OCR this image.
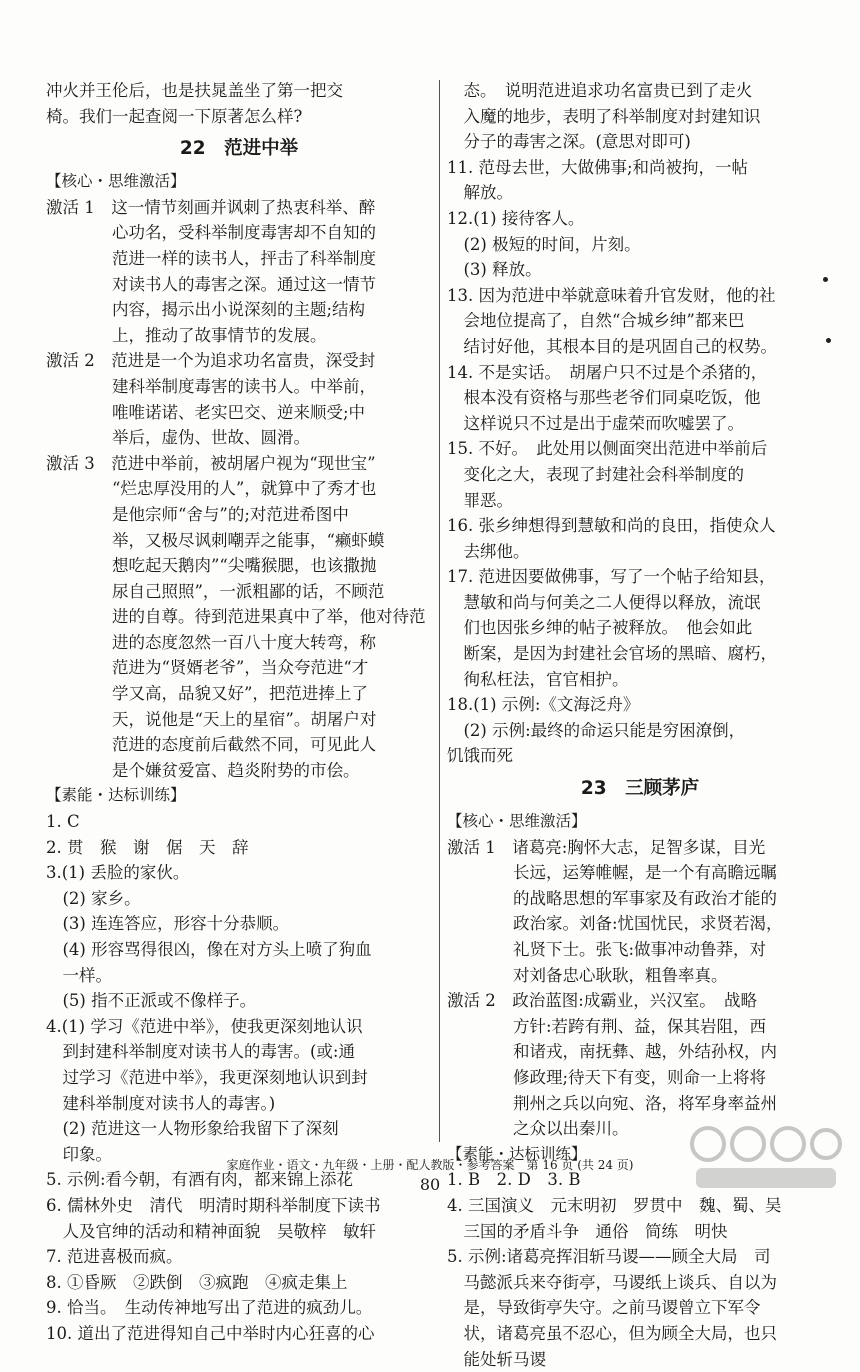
冲火并王伦后，也是扶晁盖坐了第一把交
椅。我们一起查阅一下原著怎么样?
22　范进中举
【核心・思维激活】
激活 1　这一情节刻画并讽刺了热衷科举、醉
　　　　心功名，受科举制度毒害却不自知的
　　　　范进一样的读书人，抨击了科举制度
　　　　对读书人的毒害之深。通过这一情节
　　　　内容，揭示出小说深刻的主题;结构
　　　　上，推动了故事情节的发展。
激活 2　范进是一个为追求功名富贵，深受封
　　　　建科举制度毒害的读书人。中举前，
　　　　唯唯诺诺、老实巴交、逆来顺受;中
　　　　举后，虚伪、世故、圆滑。
激活 3　范进中举前，被胡屠户视为“现世宝”
　　　　“烂忠厚没用的人”，就算中了秀才也
　　　　是他宗师“舍与”的;对范进希图中
　　　　举，又极尽讽刺嘲弄之能事，“癞虾蟆
　　　　想吃起天鹅肉”“尖嘴猴腮，也该撒抛
　　　　尿自己照照”，一派粗鄙的话，不顾范
　　　　进的自尊。待到范进果真中了举，他对待范
　　　　进的态度忽然一百八十度大转弯，称
　　　　范进为“贤婿老爷”，当众夸范进“才
　　　　学又高，品貌又好”，把范进捧上了
　　　　天，说他是“天上的星宿”。胡屠户对
　　　　范进的态度前后截然不同，可见此人
　　　　是个嫌贫爱富、趋炎附势的市侩。
【素能・达标训练】
1. C
2. 贯　猴　谢　倨　天　辞
3.(1) 丢脸的家伙。
　(2) 家乡。
　(3) 连连答应，形容十分恭顺。
　(4) 形容骂得很凶，像在对方头上喷了狗血
　一样。
　(5) 指不正派或不像样子。
4.(1) 学习《范进中举》，使我更深刻地认识
　到封建科举制度对读书人的毒害。(或:通
　过学习《范进中举》，我更深刻地认识到封
　建科举制度对读书人的毒害。)
　(2) 范进这一人物形象给我留下了深刻
　印象。
5. 示例:看今朝，有酒有肉，都来锦上添花
6. 儒林外史　清代　明清时期科举制度下读书
　人及官绅的活动和精神面貌　吴敬梓　敏轩
7. 范进喜极而疯。
8. ①昏厥　②跌倒　③疯跑　④疯走集上
9. 恰当。　生动传神地写出了范进的疯劲儿。
10. 道出了范进得知自己中举时内心狂喜的心
　态。　说明范进追求功名富贵已到了走火
　入魔的地步，表明了科举制度对封建知识
　分子的毒害之深。(意思对即可)
11. 范母去世，大做佛事;和尚被拘，一帖
　解放。
12.(1) 接待客人。
　(2) 极短的时间，片刻。
　(3) 释放。
13. 因为范进中举就意味着升官发财，他的社
　会地位提高了，自然“合城乡绅”都来巴
　结讨好他，其根本目的是巩固自己的权势。
14. 不是实话。　胡屠户只不过是个杀猪的，
　根本没有资格与那些老爷们同桌吃饭，他
　这样说只不过是出于虚荣而吹嘘罢了。
15. 不好。　此处用以侧面突出范进中举前后
　变化之大，表现了封建社会科举制度的
　罪恶。
16. 张乡绅想得到慧敏和尚的良田，指使众人
　去绑他。
17. 范进因要做佛事，写了一个帖子给知县，
　慧敏和尚与何美之二人便得以释放，流氓
　们也因张乡绅的帖子被释放。　他会如此
　断案，是因为封建社会官场的黑暗、腐朽，
　徇私枉法，官官相护。
18.(1) 示例:《文海泛舟》
　(2) 示例:最终的命运只能是穷困潦倒，
饥饿而死
23　三顾茅庐
【核心・思维激活】
激活 1　诸葛亮:胸怀大志，足智多谋，目光
　　　　长远，运筹帷幄，是一个有高瞻远瞩
　　　　的战略思想的军事家及有政治才能的
　　　　政治家。刘备:忧国忧民，求贤若渴，
　　　　礼贤下士。张飞:做事冲动鲁莽，对
　　　　对刘备忠心耿耿，粗鲁率真。
激活 2　政治蓝图:成霸业，兴汉室。　战略
　　　　方针:若跨有荆、益，保其岩阻，西
　　　　和诸戎，南抚彝、越，外结孙权，内
　　　　修政理;待天下有变，则命一上将将
　　　　荆州之兵以向宛、洛，将军身率益州
　　　　之众以出秦川。
【素能・达标训练】
1. B　2. D　3. B
4. 三国演义　元末明初　罗贯中　魏、蜀、吴
　三国的矛盾斗争　通俗　简练　明快
5. 示例:诸葛亮挥泪斩马谡——顾全大局　司
　马懿派兵来夺街亭，马谡纸上谈兵、自以为
　是，导致街亭失守。之前马谡曾立下军令
　状，诸葛亮虽不忍心，但为顾全大局，也只
　能处斩马谡
家庭作业・语文・九年级・上册・配人教版・参考答案　第 16 页 (共 24 页)
80
